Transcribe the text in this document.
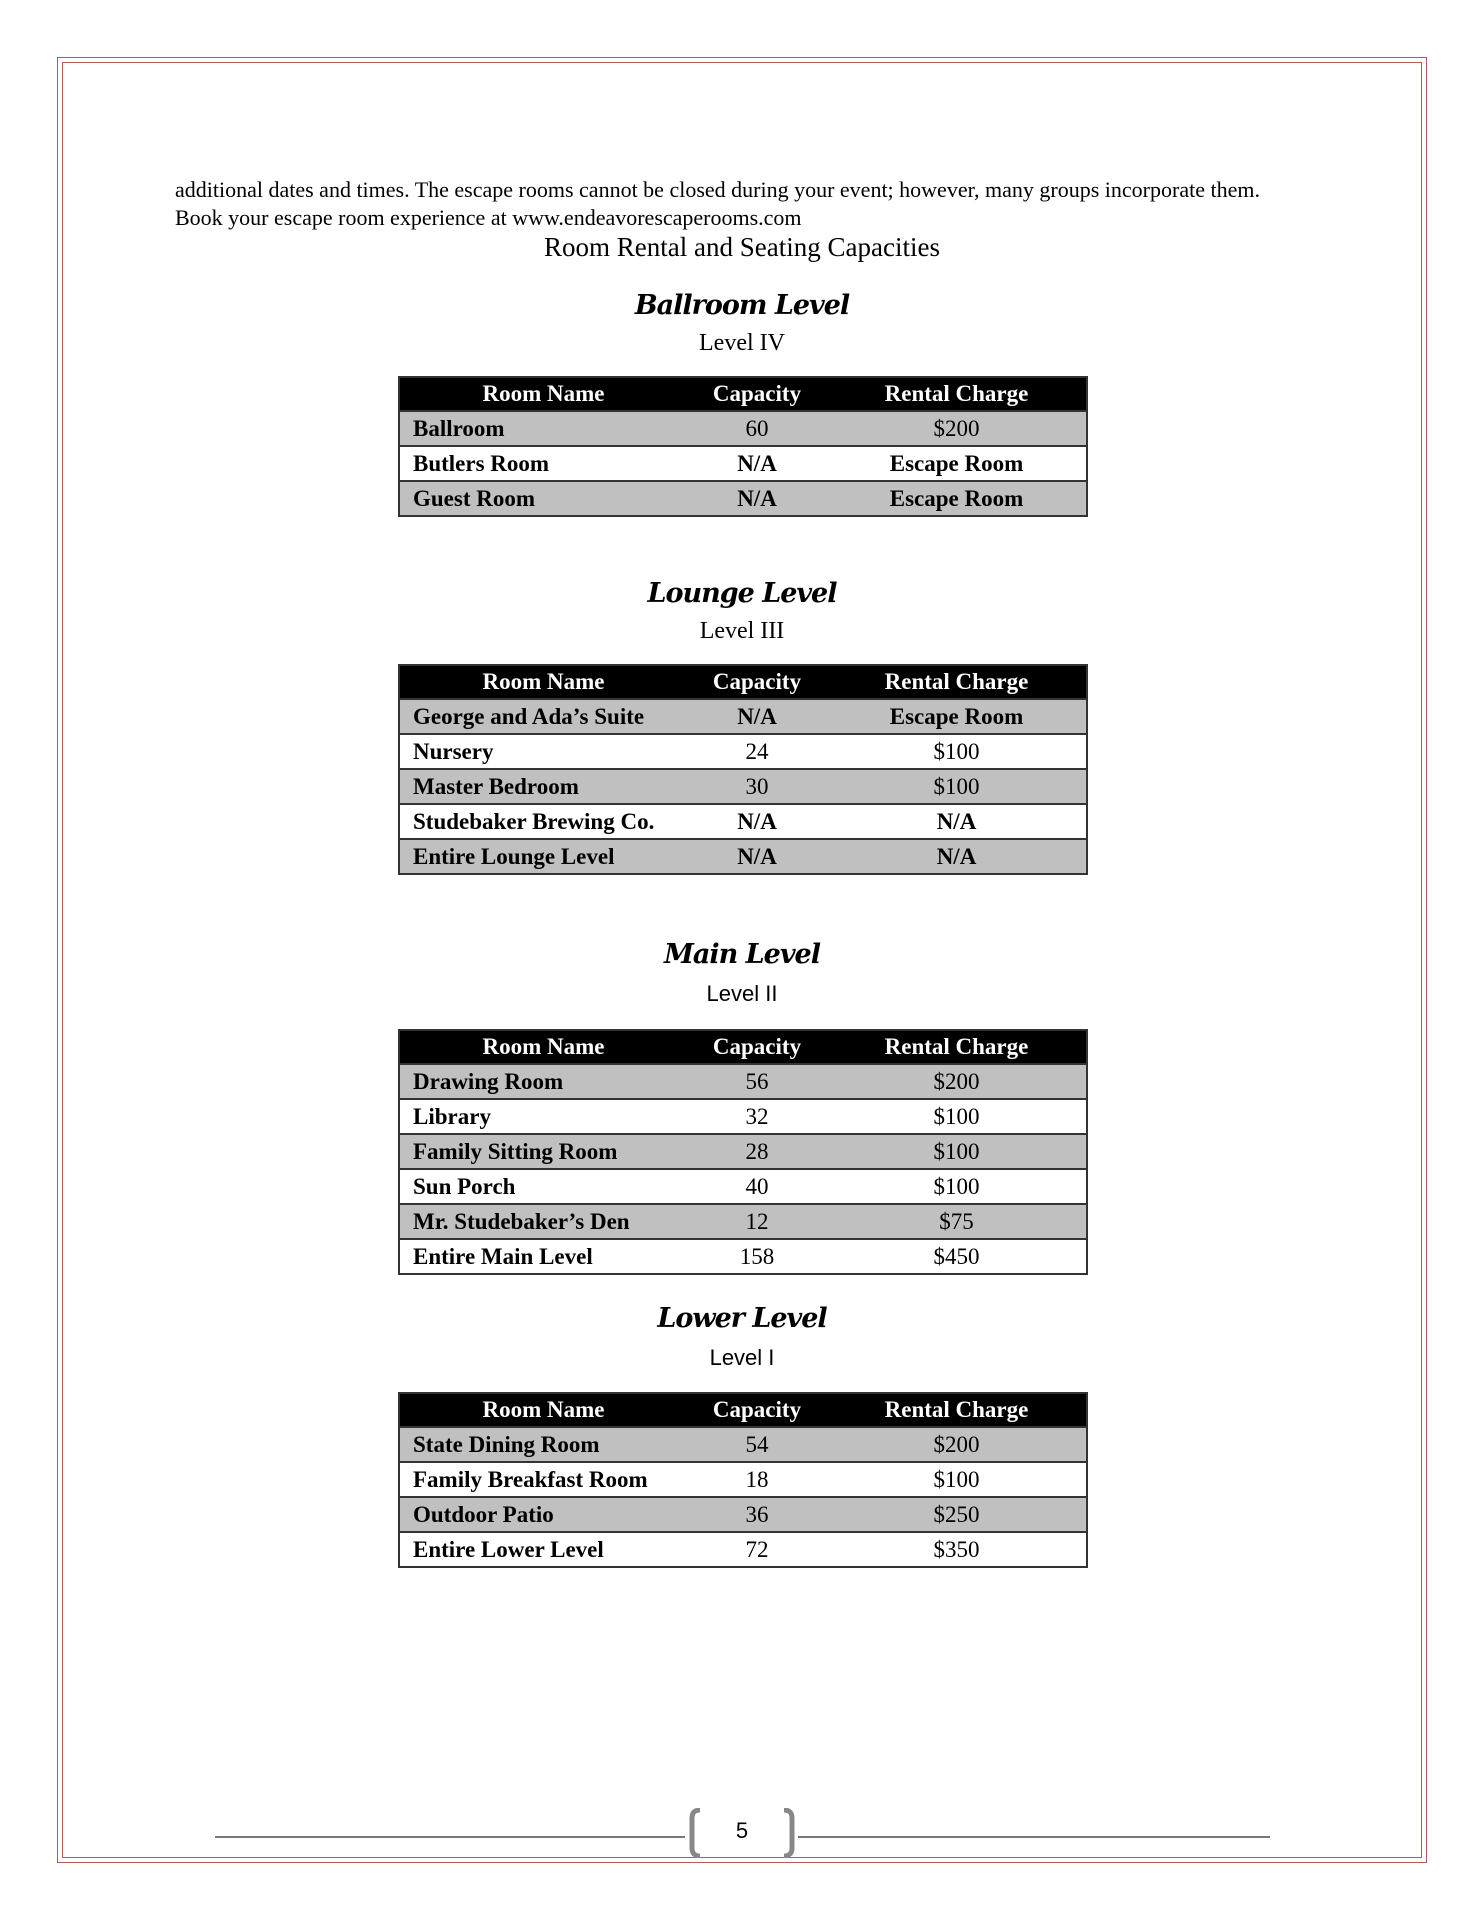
additional dates and times. The escape rooms cannot be closed during your event; however, many groups incorporate them. Book your escape room experience at www.endeavorescaperooms.com
Room Rental and Seating Capacities
Ballroom Level
Level IV
Room Name	Capacity	Rental Charge
Ballroom	60	$200
Butlers Room	N/A	Escape Room
Guest Room	N/A	Escape Room
Lounge Level
Level III
Room Name	Capacity	Rental Charge
George and Ada’s Suite	N/A	Escape Room
Nursery	24	$100
Master Bedroom	30	$100
Studebaker Brewing Co.	N/A	N/A
Entire Lounge Level	N/A	N/A
Main Level
Level II
Room Name	Capacity	Rental Charge
Drawing Room	56	$200
Library	32	$100
Family Sitting Room	28	$100
Sun Porch	40	$100
Mr. Studebaker’s Den	12	$75
Entire Main Level	158	$450
Lower Level
Level I
Room Name	Capacity	Rental Charge
State Dining Room	54	$200
Family Breakfast Room	18	$100
Outdoor Patio	36	$250
Entire Lower Level	72	$350
5
